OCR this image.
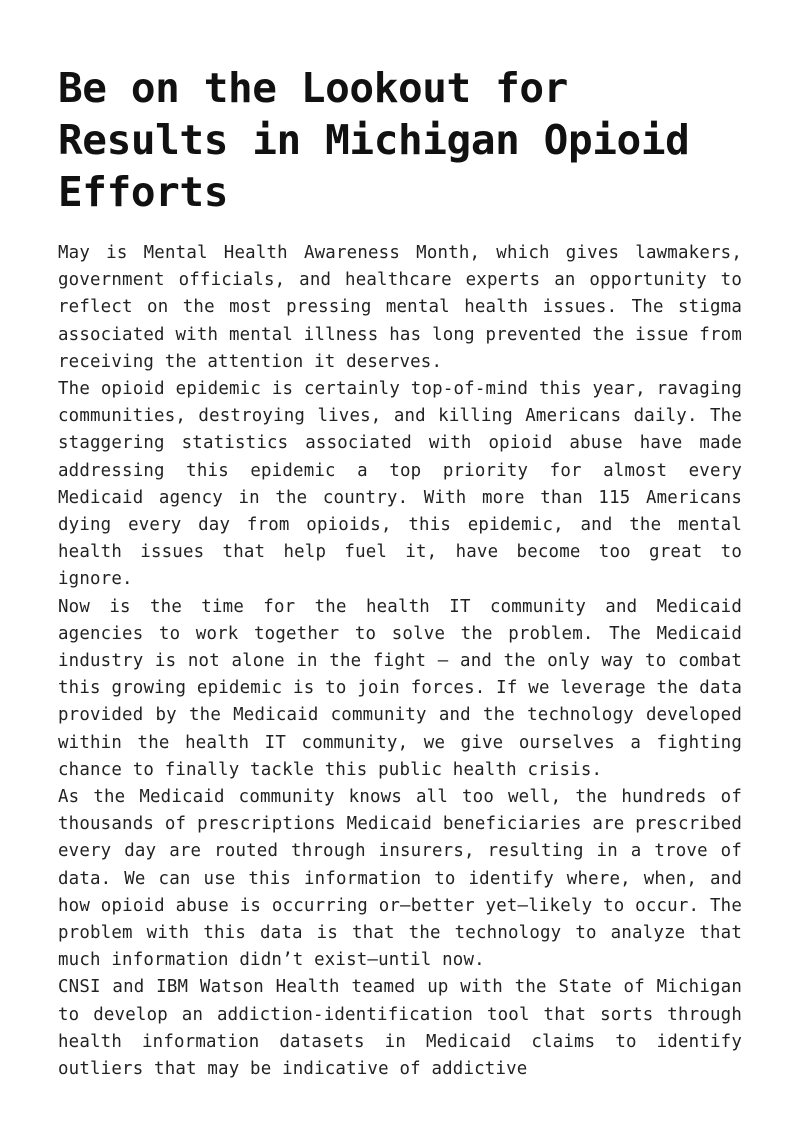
Be on the Lookout for Results in Michigan Opioid Efforts

May is Mental Health Awareness Month, which gives lawmakers, government officials, and healthcare experts an opportunity to reflect on the most pressing mental health issues. The stigma associated with mental illness has long prevented the issue from receiving the attention it deserves.

The opioid epidemic is certainly top-of-mind this year, ravaging communities, destroying lives, and killing Americans daily. The staggering statistics associated with opioid abuse have made addressing this epidemic a top priority for almost every Medicaid agency in the country. With more than 115 Americans dying every day from opioids, this epidemic, and the mental health issues that help fuel it, have become too great to ignore.

Now is the time for the health IT community and Medicaid agencies to work together to solve the problem. The Medicaid industry is not alone in the fight – and the only way to combat this growing epidemic is to join forces. If we leverage the data provided by the Medicaid community and the technology developed within the health IT community, we give ourselves a fighting chance to finally tackle this public health crisis.

As the Medicaid community knows all too well, the hundreds of thousands of prescriptions Medicaid beneficiaries are prescribed every day are routed through insurers, resulting in a trove of data. We can use this information to identify where, when, and how opioid abuse is occurring or—better yet—likely to occur. The problem with this data is that the technology to analyze that much information didn’t exist—until now.

CNSI and IBM Watson Health teamed up with the State of Michigan to develop an addiction-identification tool that sorts through health information datasets in Medicaid claims to identify outliers that may be indicative of addictive
